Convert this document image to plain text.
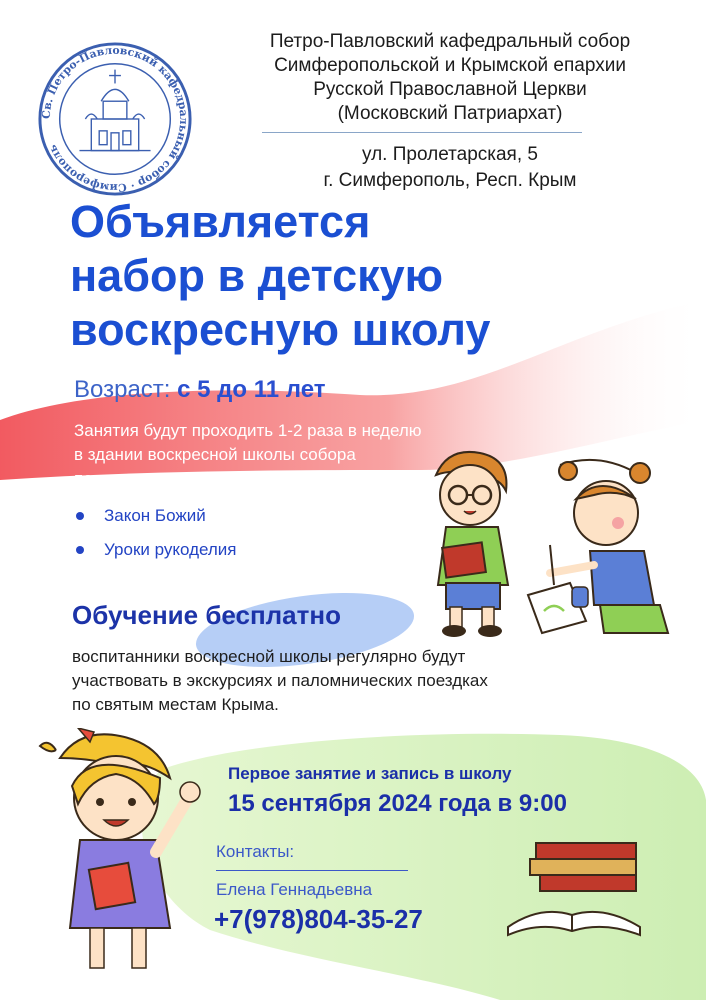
Св. Петро-Павловский кафедральный собор · Симферополь
Петро-Павловский кафедральный собор
Симферопольской и Крымской епархии
Русской Православной Церкви
(Московский Патриархат)
ул. Пролетарская, 5
г. Симферополь, Респ. Крым
Объявляется
набор в детскую
воскресную школу
Возраст: с 5 до 11 лет
Занятия будут проходить 1-2 раза в неделю
в здании воскресной школы собора
по следующим дисциплинам:
Закон Божий
Уроки рукоделия
Обучение бесплатно
воспитанники воскресной школы регулярно будут
участвовать в экскурсиях и паломнических поездках
по святым местам Крыма.
Первое занятие и запись в школу
15 сентября 2024 года в 9:00
Контакты:
Елена Геннадьевна
+7(978)804-35-27
